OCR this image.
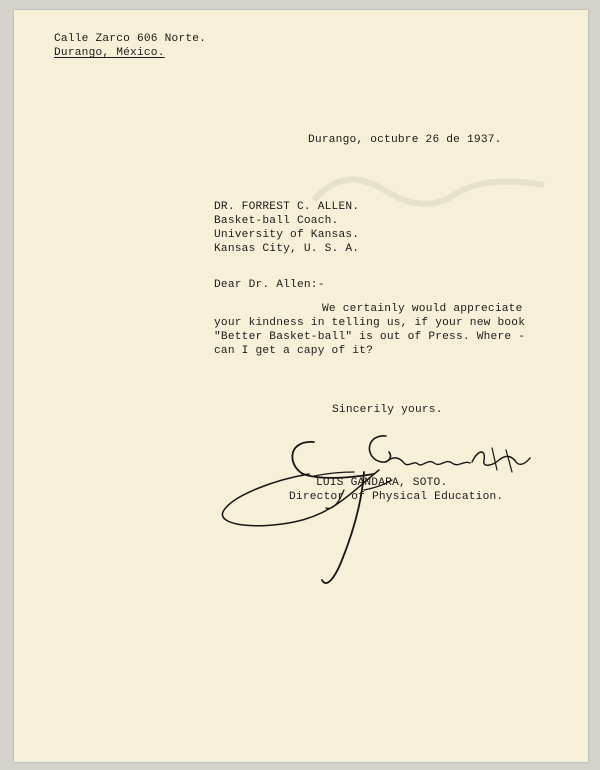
Calle Zarco 606 Norte.
Durango, México.
Durango, octubre 26 de 1937.
DR. FORREST C. ALLEN.
Basket-ball Coach.
University of Kansas.
Kansas City, U. S. A.
Dear Dr. Allen:-
We certainly would appreciate
your kindness in telling us, if your new book
"Better Basket-ball" is out of Press. Where -
can I get a capy of it?
Sincerily yours.
LUIS GANDARA, SOTO.
Director of Physical Education.
